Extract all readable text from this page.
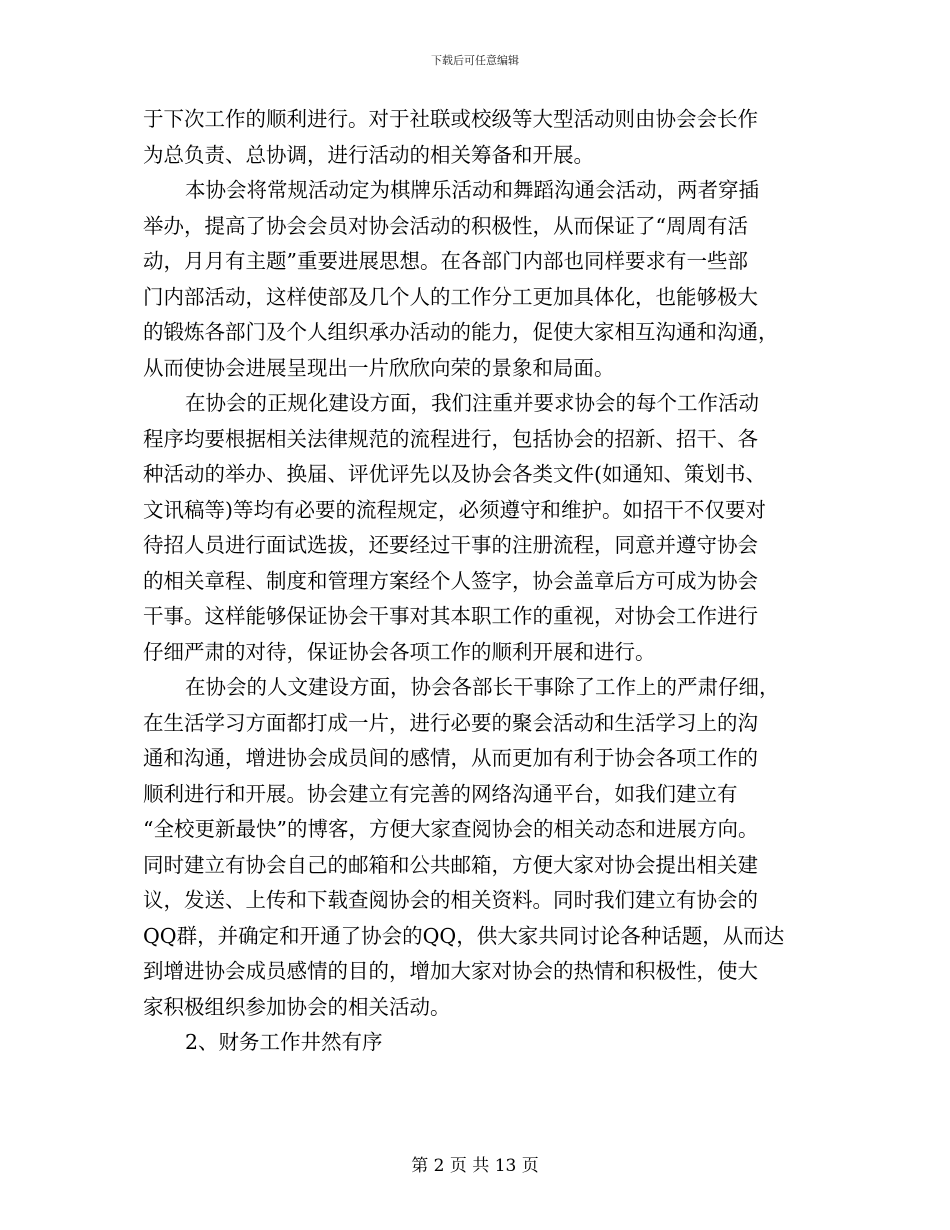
下载后可任意编辑
于下次工作的顺利进行。对于社联或校级等大型活动则由协会会长作
为总负责、总协调，进行活动的相关筹备和开展。
本协会将常规活动定为棋牌乐活动和舞蹈沟通会活动，两者穿插
举办，提高了协会会员对协会活动的积极性，从而保证了“周周有活
动，月月有主题”重要进展思想。在各部门内部也同样要求有一些部
门内部活动，这样使部及几个人的工作分工更加具体化，也能够极大
的锻炼各部门及个人组织承办活动的能力，促使大家相互沟通和沟通，
从而使协会进展呈现出一片欣欣向荣的景象和局面。
在协会的正规化建设方面，我们注重并要求协会的每个工作活动
程序均要根据相关法律规范的流程进行，包括协会的招新、招干、各
种活动的举办、换届、评优评先以及协会各类文件(如通知、策划书、
文讯稿等)等均有必要的流程规定，必须遵守和维护。如招干不仅要对
待招人员进行面试选拔，还要经过干事的注册流程，同意并遵守协会
的相关章程、制度和管理方案经个人签字，协会盖章后方可成为协会
干事。这样能够保证协会干事对其本职工作的重视，对协会工作进行
仔细严肃的对待，保证协会各项工作的顺利开展和进行。
在协会的人文建设方面，协会各部长干事除了工作上的严肃仔细，
在生活学习方面都打成一片，进行必要的聚会活动和生活学习上的沟
通和沟通，增进协会成员间的感情，从而更加有利于协会各项工作的
顺利进行和开展。协会建立有完善的网络沟通平台，如我们建立有
“全校更新最快”的博客，方便大家查阅协会的相关动态和进展方向。
同时建立有协会自己的邮箱和公共邮箱，方便大家对协会提出相关建
议，发送、上传和下载查阅协会的相关资料。同时我们建立有协会的
QQ群，并确定和开通了协会的QQ，供大家共同讨论各种话题，从而达
到增进协会成员感情的目的，增加大家对协会的热情和积极性，使大
家积极组织参加协会的相关活动。
2、财务工作井然有序
第 2 页 共 13 页
